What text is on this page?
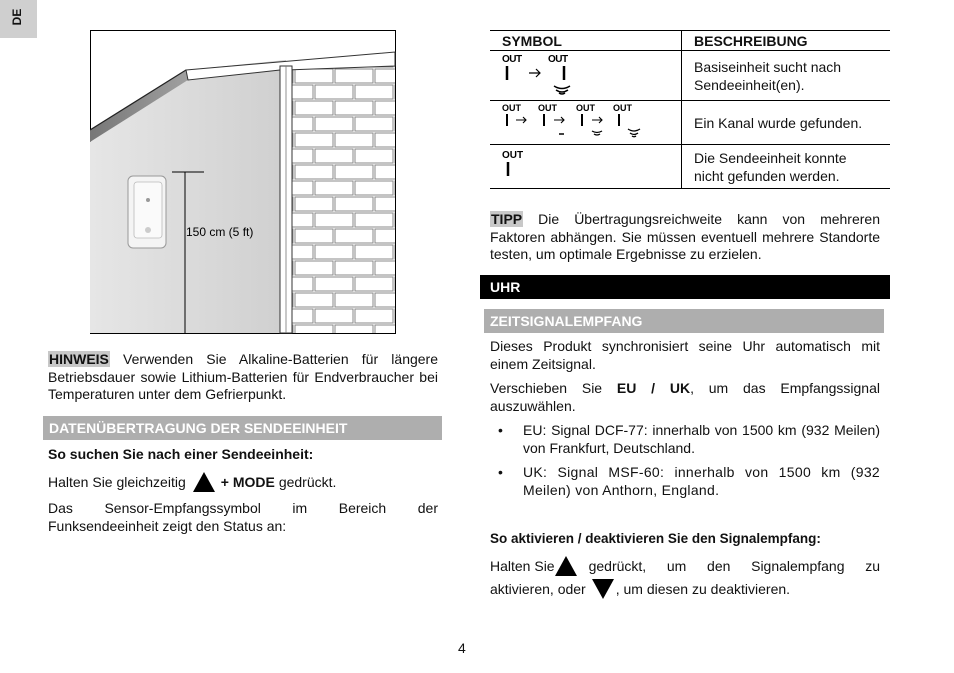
DE
150 cm (5 ft)
HINWEIS Verwenden Sie Alkaline-Batterien für längere Betriebsdauer sowie Lithium-Batterien für Endverbraucher bei Temperaturen unter dem Gefrierpunkt.
DATENÜBERTRAGUNG DER SENDEEINHEIT
So suchen Sie nach einer Sendeeinheit:
Halten Sie gleichzeitig	+ MODE gedrückt.
Das Sensor-Empfangssymbol im Bereich der Funksendeeinheit zeigt den Status an:
SYMBOL	BESCHREIBUNG

OUT OUT	Basiseinheit sucht nach Sendeeinheit(en).

OUT OUT OUT OUT	Ein Kanal wurde gefunden.

OUT	Die Sendeeinheit konnte nicht gefunden werden.
TIPP Die Übertragungsreichweite kann von mehreren Faktoren abhängen. Sie müssen eventuell mehrere Standorte testen, um optimale Ergebnisse zu erzielen.
UHR
ZEITSIGNALEMPFANG
Dieses Produkt synchronisiert seine Uhr automatisch mit einem Zeitsignal.
Verschieben Sie EU / UK, um das Empfangssignal auszuwählen.
• EU: Signal DCF-77: innerhalb von 1500 km (932 Meilen) von Frankfurt, Deutschland.
• UK: Signal MSF-60: innerhalb von 1500 km (932 Meilen) von Anthorn, England.
So aktivieren / deaktivieren Sie den Signalempfang:
Halten Sie gedrückt, um den Signalempfang zu
aktivieren, oder , um diesen zu deaktivieren.
4
